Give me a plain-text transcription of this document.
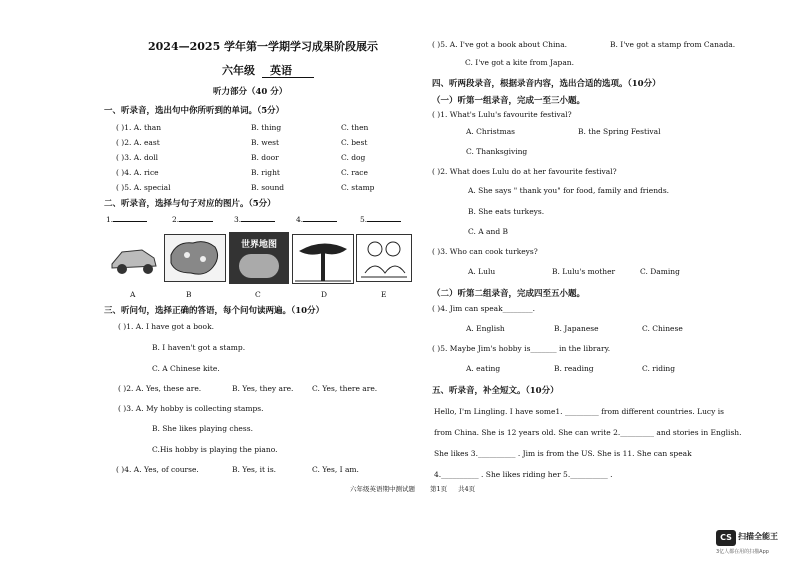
2024—2025 学年第一学期学习成果阶段展示
六年级 英语
听力部分（40 分）
一、听录音，选出句中你所听到的单词。（5分）
( )1. A. than	B. thing	C. then
( )2. A. east	B. west	C. best
( )3. A. doll	B. door	C. dog
( )4. A. rice	B. right	C. race
( )5. A. special	B. sound	C. stamp
二、听录音，选择与句子对应的图片。（5分）
1.	2.	3.	4.	5.
世界地图
A	B	C	D	E
三、听问句，选择正确的答语，每个问句读两遍。（10分）
( )1. A. I have got a book.
B. I haven't got a stamp.
C. A Chinese kite.
( )2. A. Yes, these are.	B. Yes, they are. C. Yes, there are.
( )3. A. My hobby is collecting stamps.
B. She likes playing chess.
C.His hobby is playing the piano.
( )4. A. Yes, of course.	B. Yes, it is.	C. Yes, I am.
( )5. A. I've got a book about China.	B. I've got a stamp from Canada.
C. I've got a kite from Japan.
四、听两段录音，根据录音内容，选出合适的选项。（10分）
（一）听第一组录音，完成一至三小题。
( )1. What's Lulu's favourite festival?
A. Christmas	B. the Spring Festival
C. Thanksgiving
( )2. What does Lulu do at her favourite festival?
A. She says " thank you" for food, family and friends.
B. She eats turkeys.
C. A and B
( )3. Who can cook turkeys?
A. Lulu	B. Lulu's mother	C. Daming
（二）听第二组录音，完成四至五小题。
( )4. Jim can speak________.
A. English	B. Japanese	C. Chinese
( )5. Maybe Jim's hobby is_______ in the library.
A. eating	B. reading	C. riding
五、听录音，补全短文。（10分）
Hello, I'm Lingling. I have some1. _________ from different countries. Lucy is
from China. She is 12 years old. She can write 2._________ and stories in English.
She likes 3.__________ . Jim is from the US. She is 11. She can speak
4.__________ . She likes riding her 5.__________ .
六年级英语期中测试题 第1页 共4页
CS 扫描全能王
3亿人都在用的扫描App
